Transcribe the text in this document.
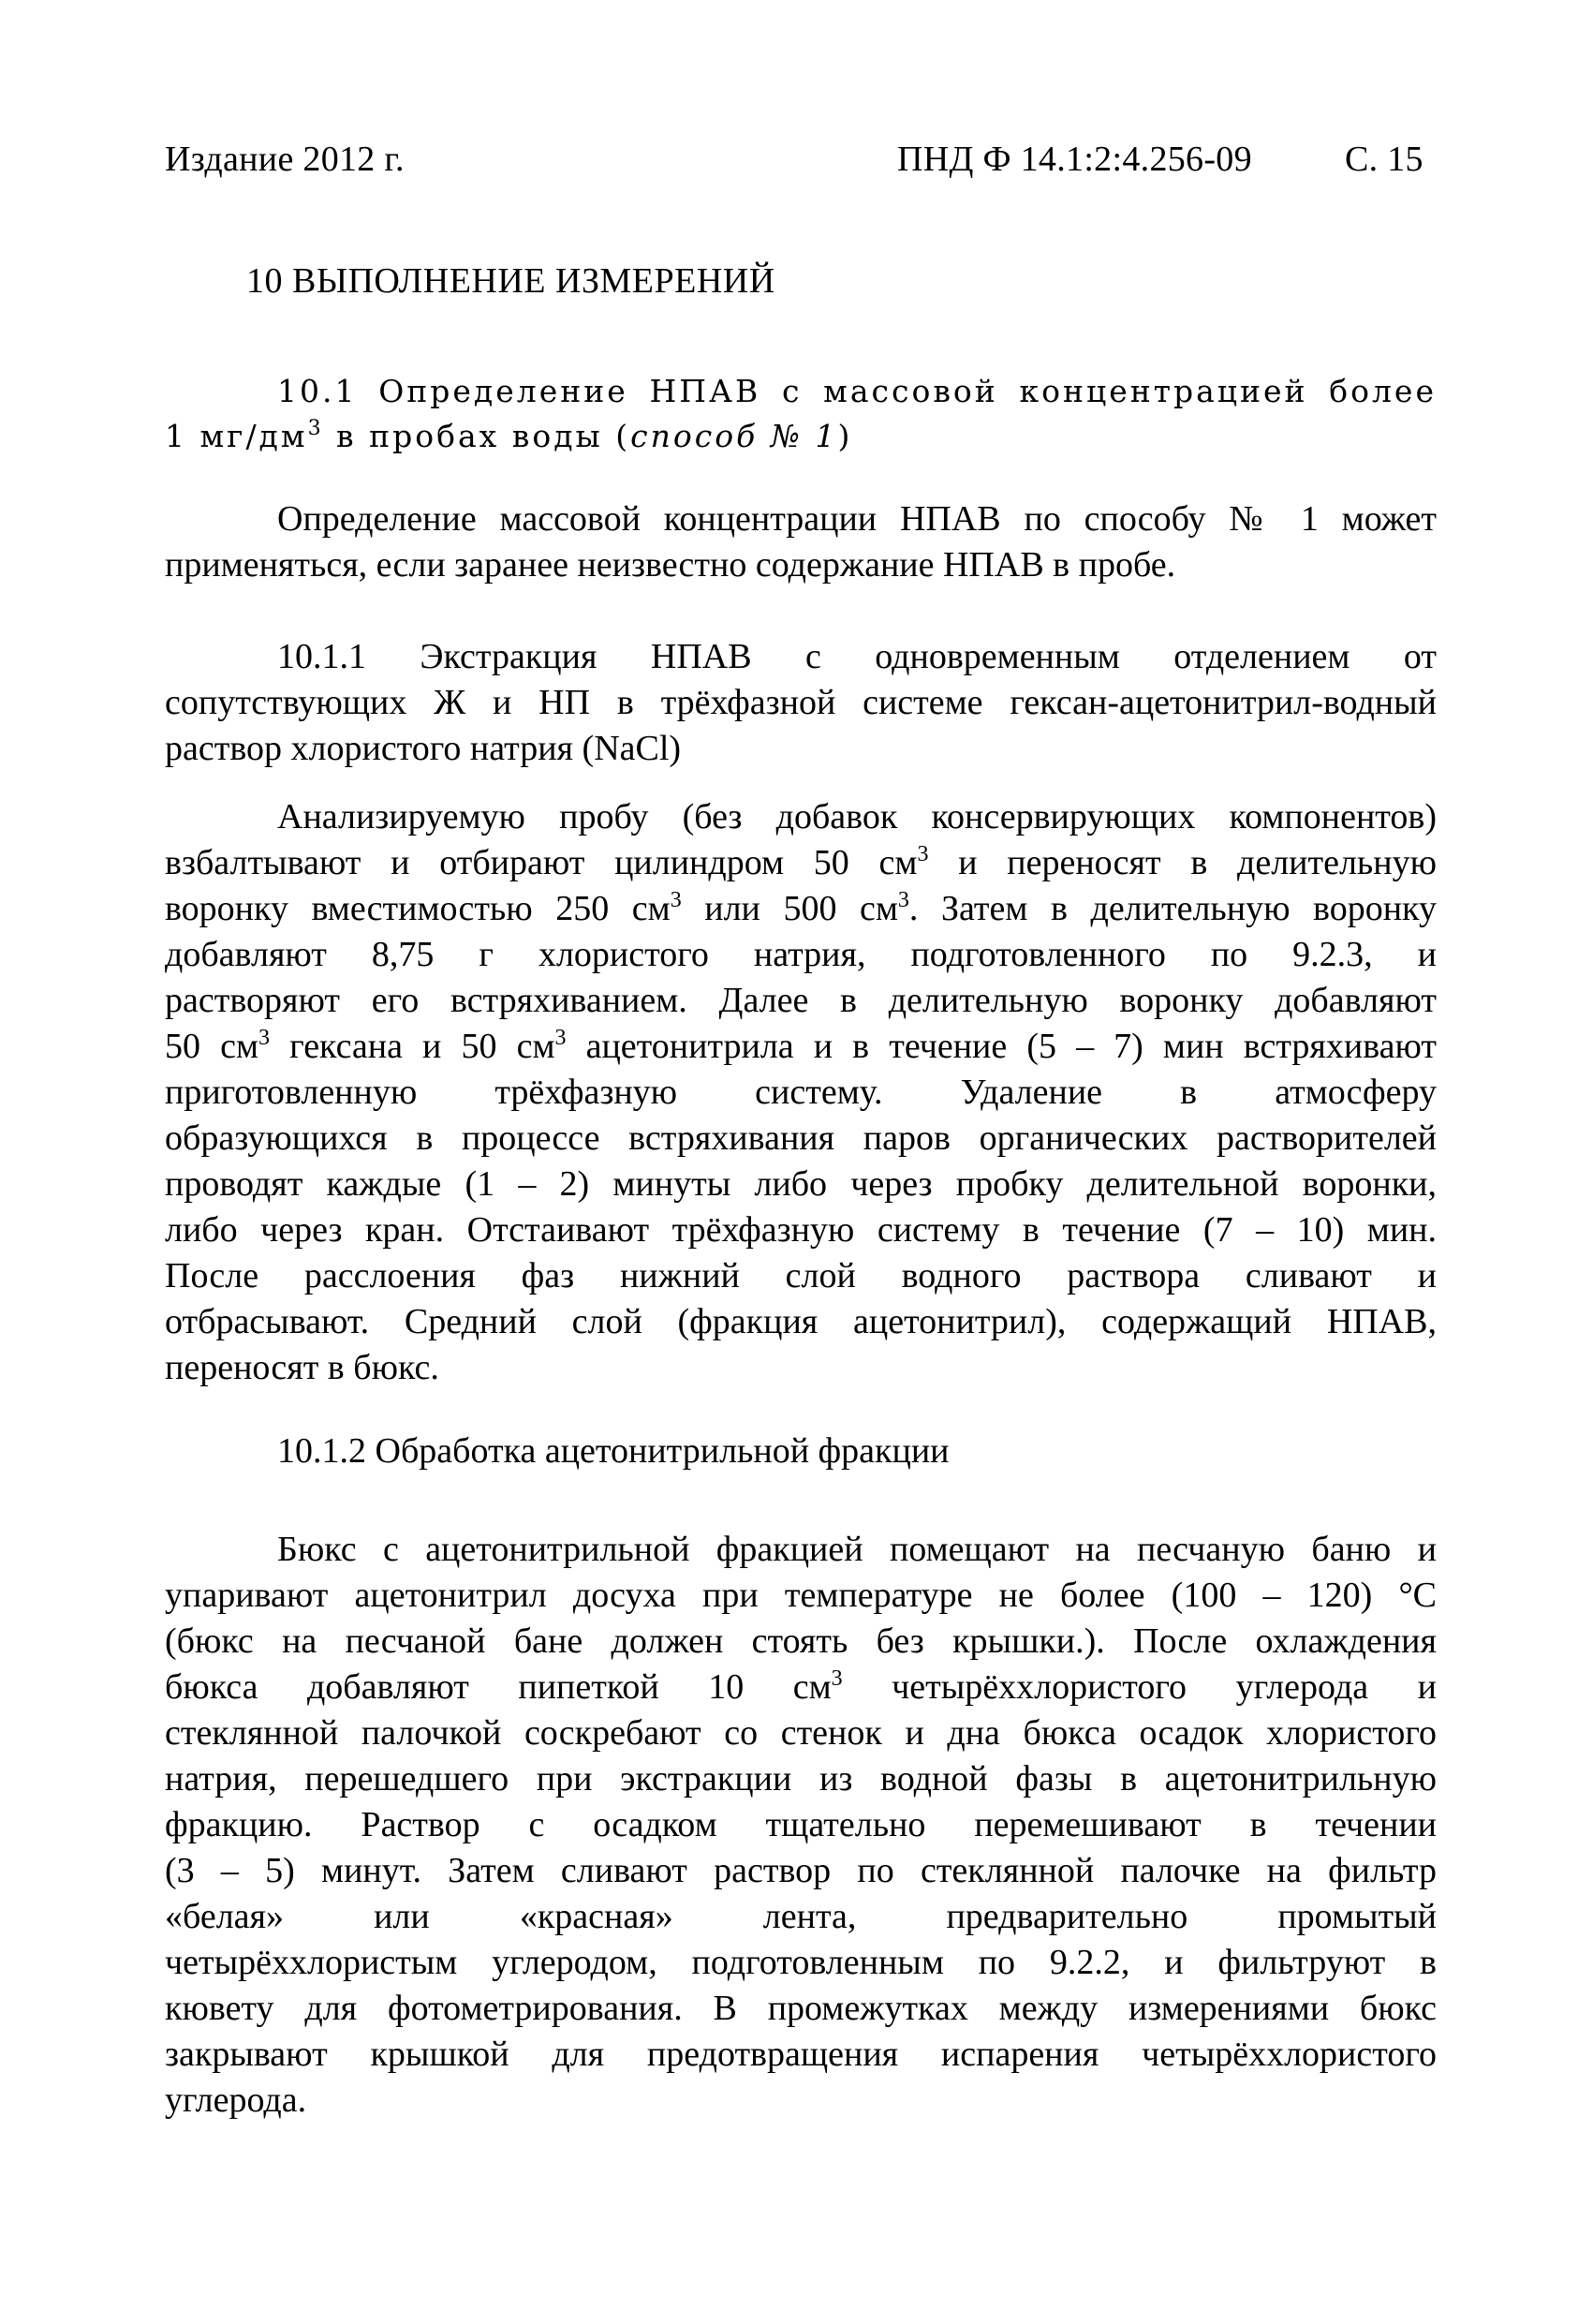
Издание 2012 г.	ПНД Ф 14.1:2:4.256-09	С. 15
10 ВЫПОЛНЕНИЕ ИЗМЕРЕНИЙ
10.1 Определение НПАВ с массовой концентрацией более
1 $мг/дм^3$ в пробах воды (способ № 1)
Определение массовой концентрации НПАВ по способу № 1 может
применяться, если заранее неизвестно содержание НПАВ в пробе.
10.1.1 Экстракция НПАВ с одновременным отделением от
сопутствующих Ж и НП в трёхфазной системе гексан-ацетонитрил-водный
раствор хлористого натрия (NaCl)
Анализируемую пробу (без добавок консервирующих компонентов)
взбалтывают и отбирают цилиндром 50 $см^3$ и переносят в делительную
воронку вместимостью 250 $см^3$ или 500 $см^3$. Затем в делительную воронку
добавляют 8,75 г хлористого натрия, подготовленного по 9.2.3, и
растворяют его встряхиванием. Далее в делительную воронку добавляют
50 $см^3$ гексана и 50 $см^3$ ацетонитрила и в течение (5 – 7) мин встряхивают
приготовленную трёхфазную систему. Удаление в атмосферу
образующихся в процессе встряхивания паров органических растворителей
проводят каждые (1 – 2) минуты либо через пробку делительной воронки,
либо через кран. Отстаивают трёхфазную систему в течение (7 – 10) мин.
После расслоения фаз нижний слой водного раствора сливают и
отбрасывают. Средний слой (фракция ацетонитрил), содержащий НПАВ,
переносят в бюкс.
10.1.2 Обработка ацетонитрильной фракции
Бюкс с ацетонитрильной фракцией помещают на песчаную баню и
упаривают ацетонитрил досуха при температуре не более (100 – 120) °С
(бюкс на песчаной бане должен стоять без крышки.). После охлаждения
бюкса добавляют пипеткой 10 $см^3$ четырёххлористого углерода и
стеклянной палочкой соскребают со стенок и дна бюкса осадок хлористого
натрия, перешедшего при экстракции из водной фазы в ацетонитрильную
фракцию. Раствор с осадком тщательно перемешивают в течении
(3 – 5) минут. Затем сливают раствор по стеклянной палочке на фильтр
«белая» или «красная» лента, предварительно промытый
четырёххлористым углеродом, подготовленным по 9.2.2, и фильтруют в
кювету для фотометрирования. В промежутках между измерениями бюкс
закрывают крышкой для предотвращения испарения четырёххлористого
углерода.
